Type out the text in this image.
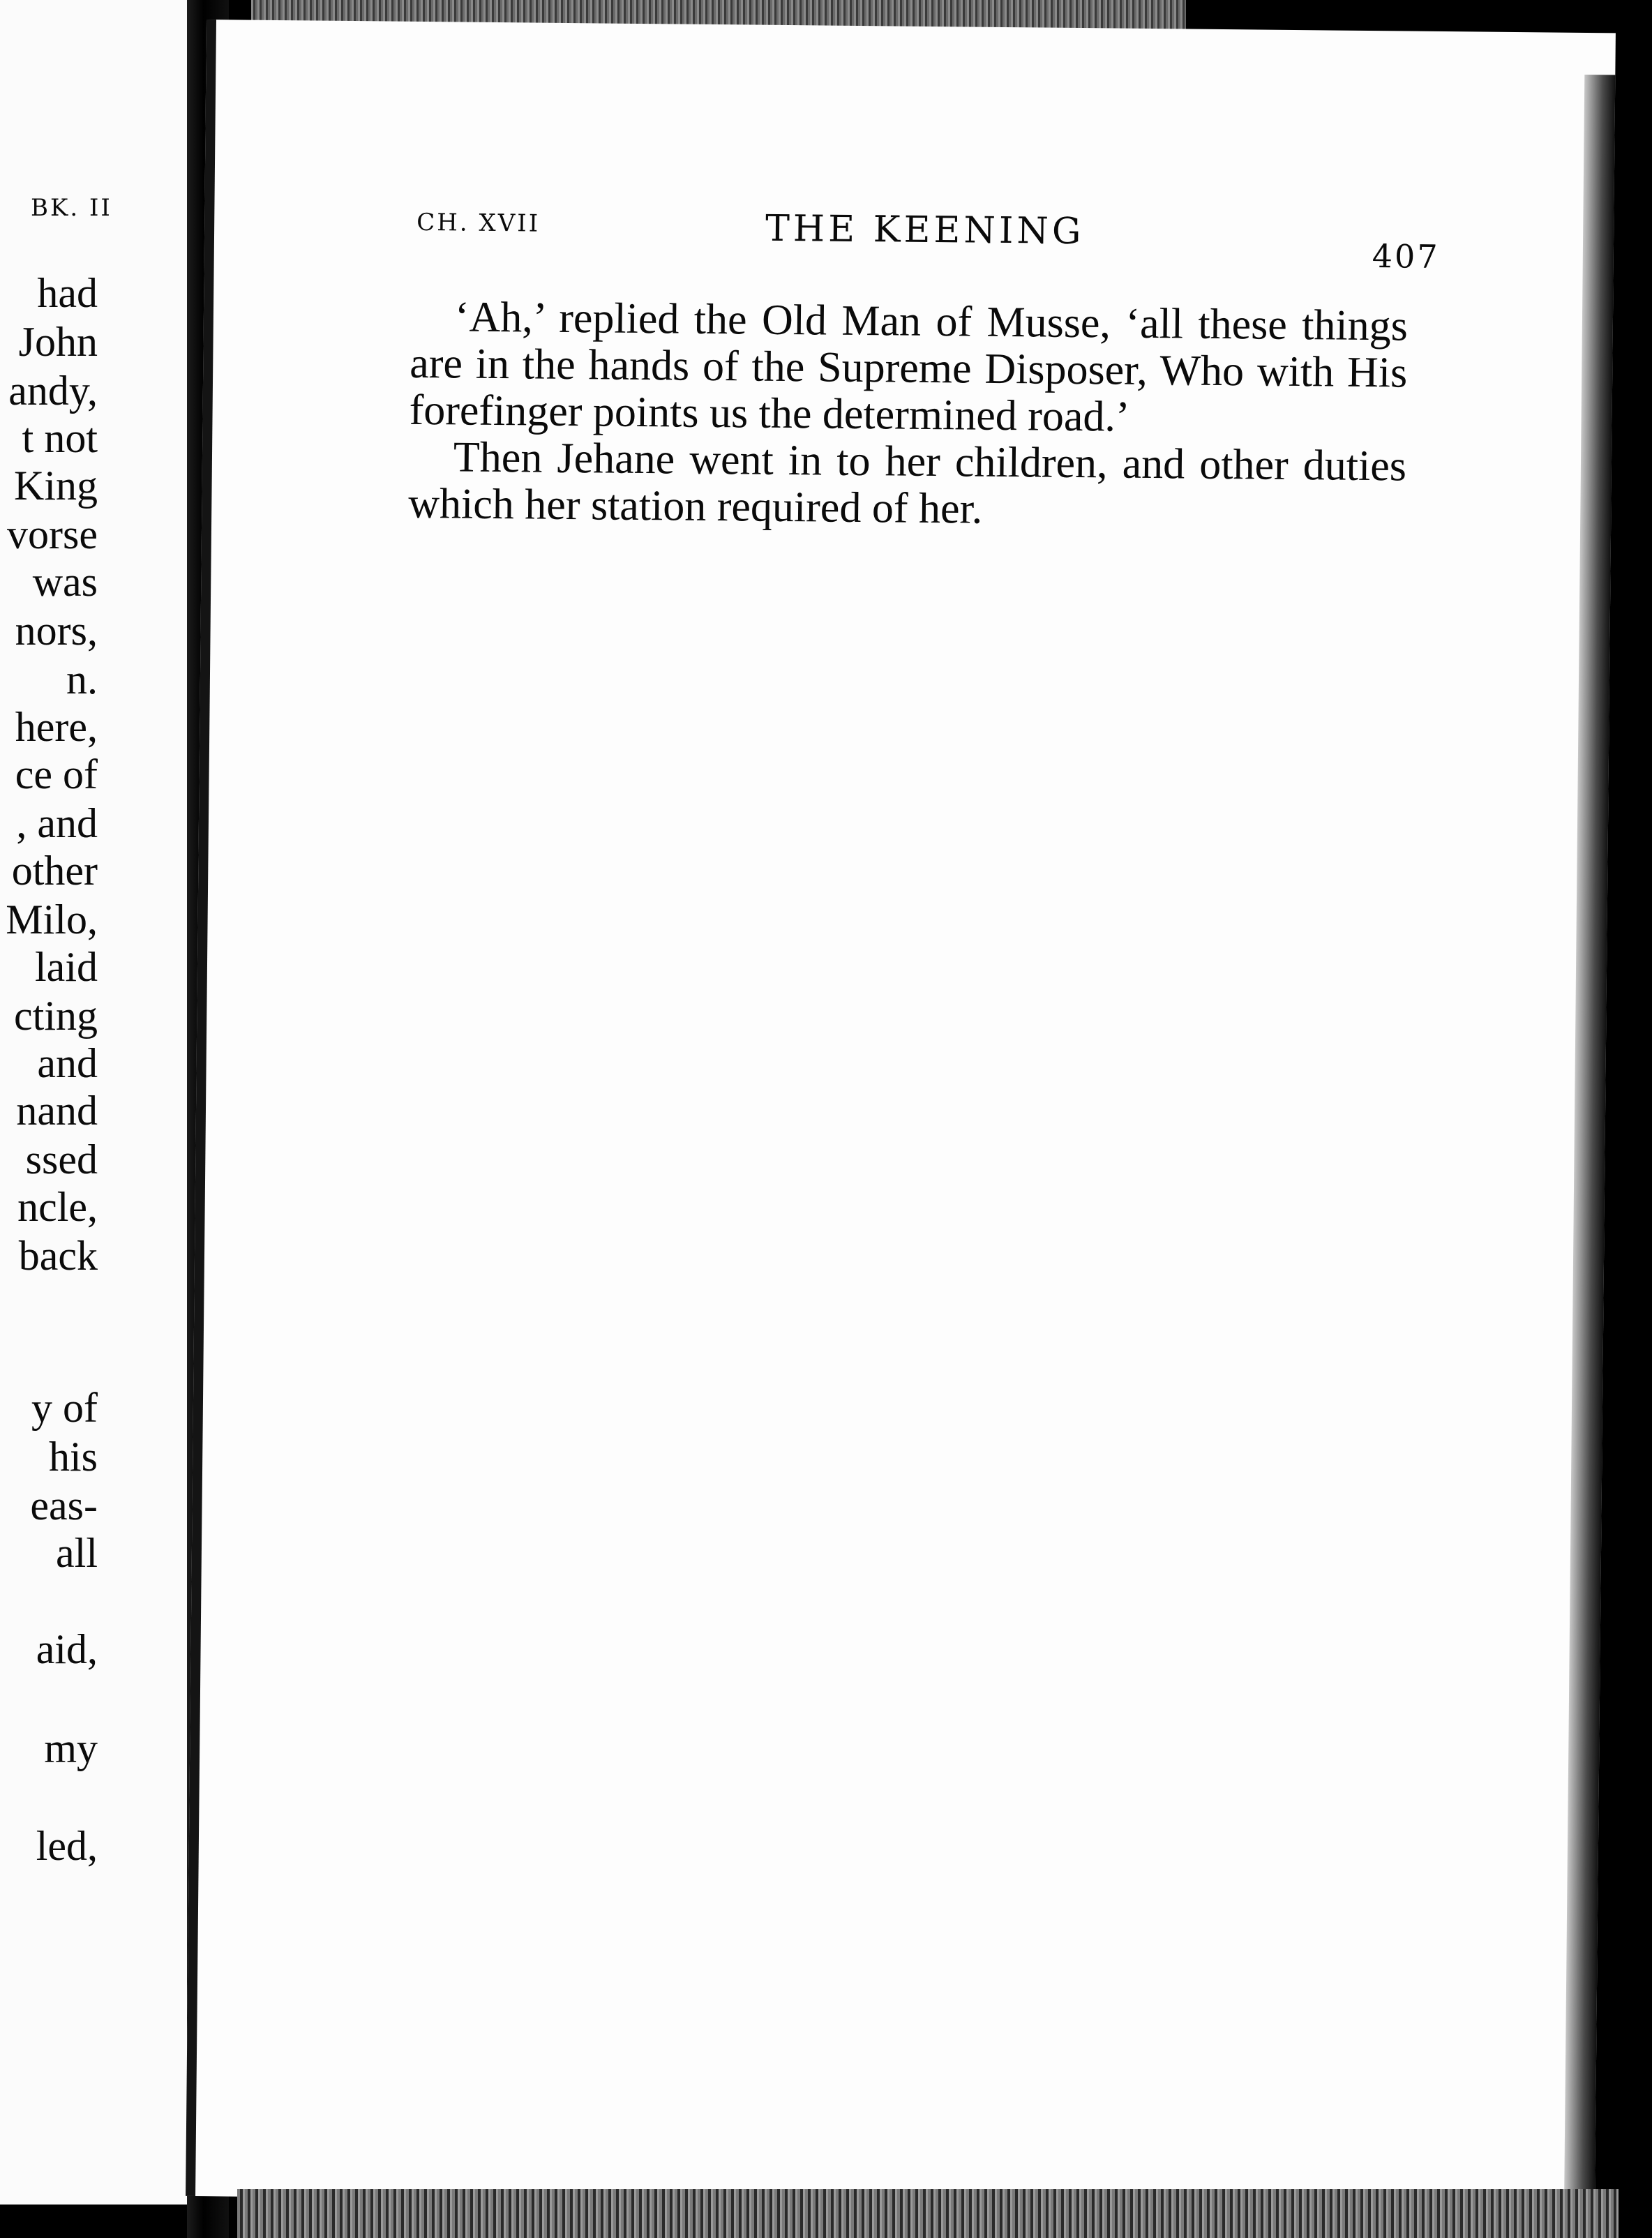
BK. II
had
John
andy,
t not
King
vorse
was
nors,
n.
here,
ce of
, and
other
Milo,
laid
cting
and
nand
ssed
ncle,
back
y of
his
eas-
all
aid,
my
led,
CH. XVII	THE KEENING
407

‘Ah,’ replied the Old Man of Musse, ‘all these things are in the hands of the Supreme Disposer, Who with His forefinger points us the determined road.’

Then Jehane went in to her children, and other duties which her station required of her.
